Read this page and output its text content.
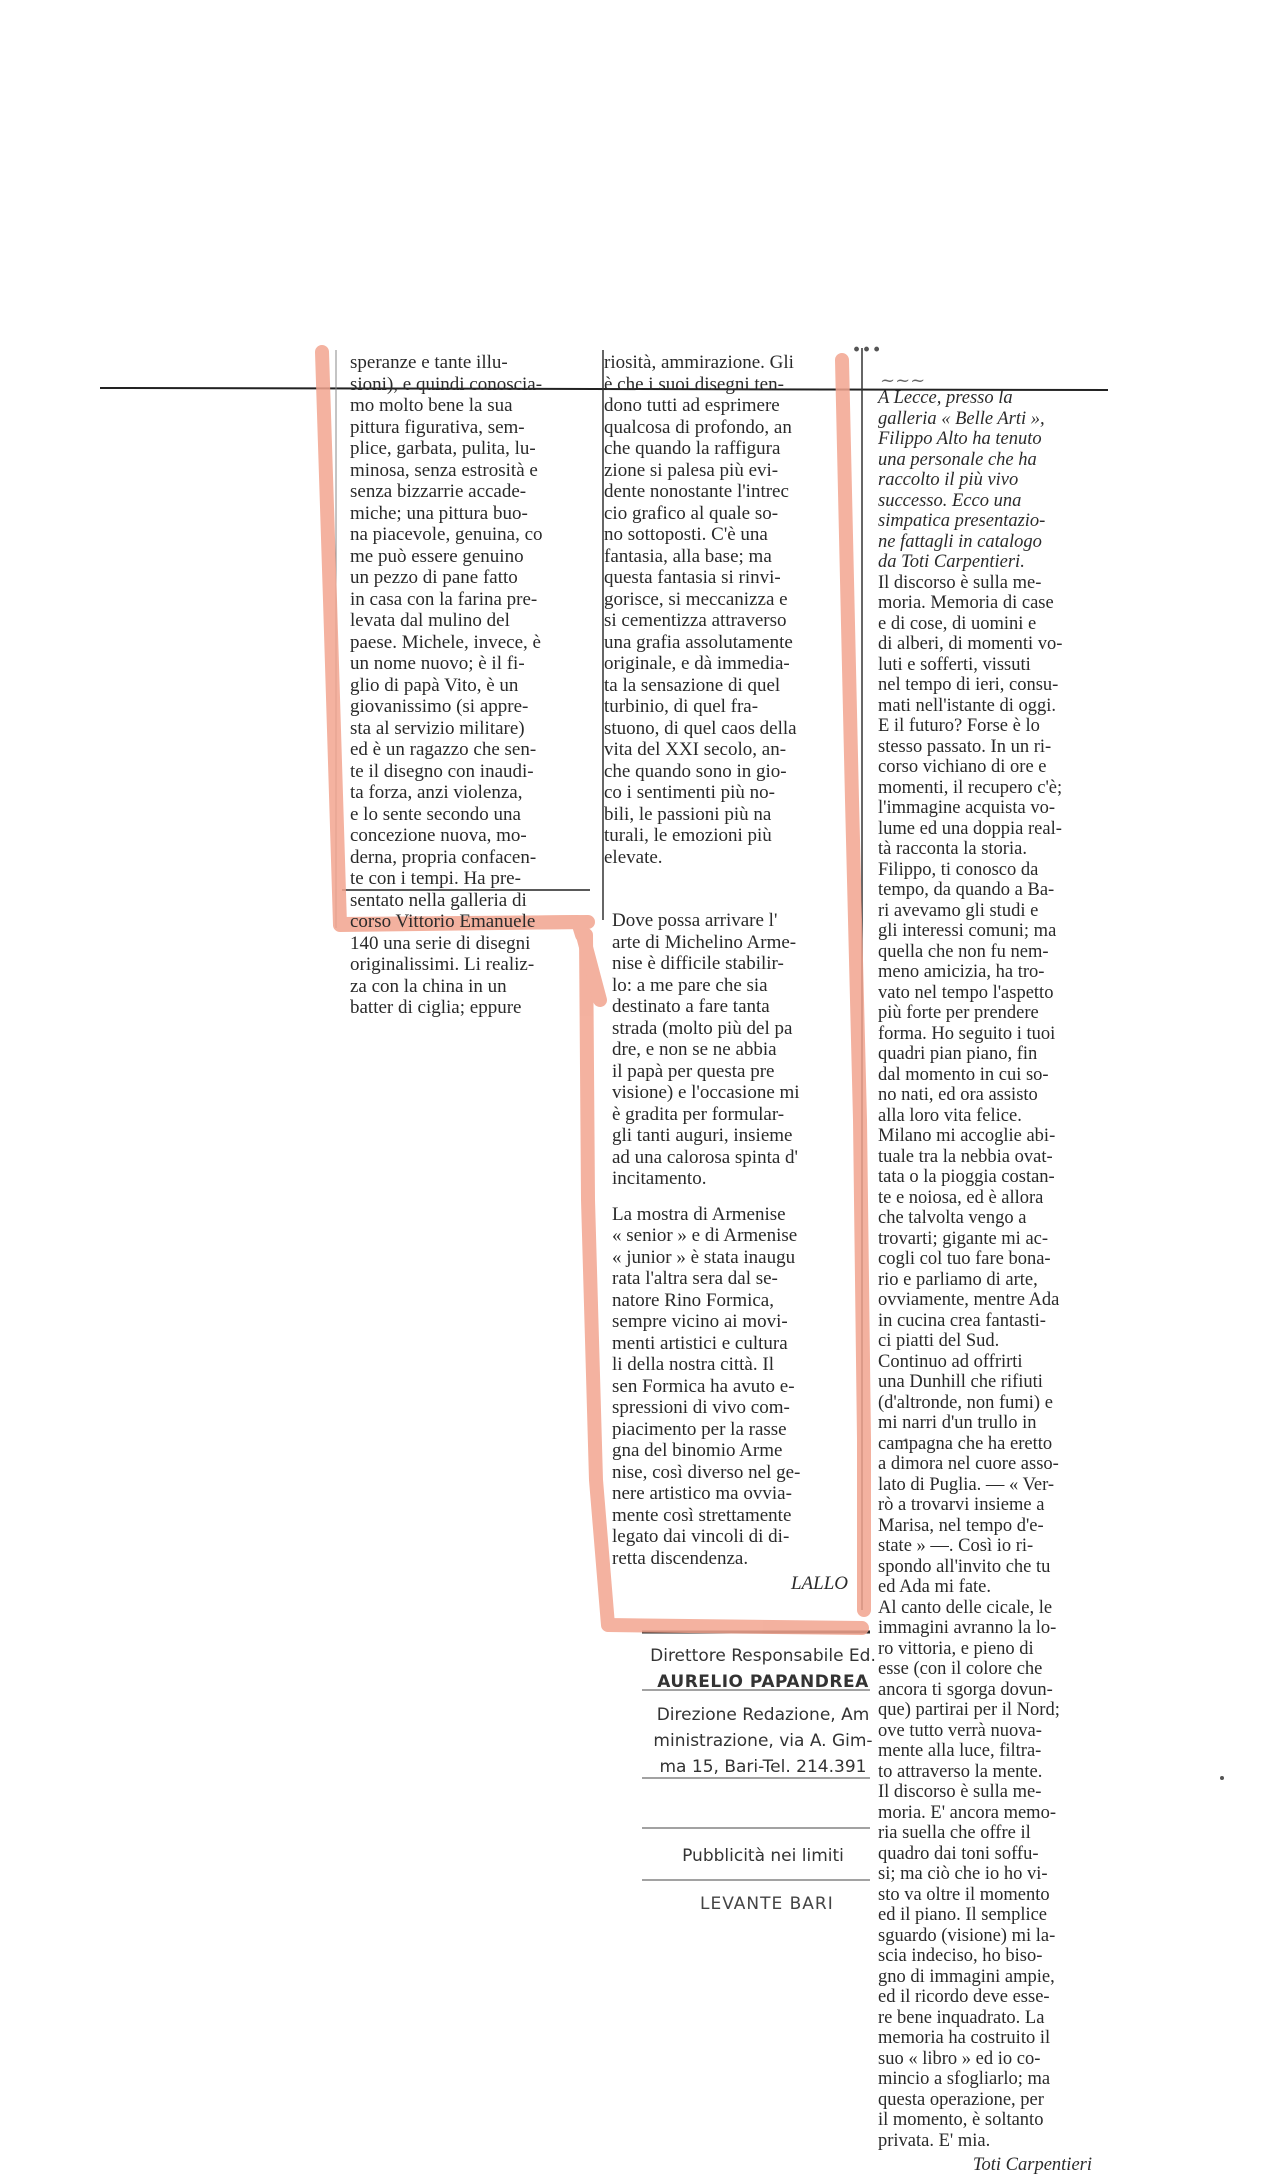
...
~~~
speranze e tante illu-
sioni), e quindi conoscia-
mo molto bene la sua
pittura figurativa, sem-
plice, garbata, pulita, lu-
minosa, senza estrosità e
senza bizzarrie accade-
miche; una pittura buo-
na piacevole, genuina, co
me può essere genuino
un pezzo di pane fatto
in casa con la farina pre-
levata dal mulino del
paese. Michele, invece, è
un nome nuovo; è il fi-
glio di papà Vito, è un
giovanissimo (si appre-
sta al servizio militare)
ed è un ragazzo che sen-
te il disegno con inaudi-
ta forza, anzi violenza,
e lo sente secondo una
concezione nuova, mo-
derna, propria confacen-
te con i tempi. Ha pre-
sentato nella galleria di
corso Vittorio Emanuele
140 una serie di disegni
originalissimi. Li realiz-
za con la china in un
batter di ciglia; eppure
riosità, ammirazione. Gli
è che i suoi disegni ten-
dono tutti ad esprimere
qualcosa di profondo, an
che quando la raffigura
zione si palesa più evi-
dente nonostante l'intrec
cio grafico al quale so-
no sottoposti. C'è una
fantasia, alla base; ma
questa fantasia si rinvi-
gorisce, si meccanizza e
si cementizza attraverso
una grafia assolutamente
originale, e dà immedia-
ta la sensazione di quel
turbinio, di quel fra-
stuono, di quel caos della
vita del XXI secolo, an-
che quando sono in gio-
co i sentimenti più no-
bili, le passioni più na
turali, le emozioni più
elevate.
Dove possa arrivare l'
arte di Michelino Arme-
nise è difficile stabilir-
lo: a me pare che sia
destinato a fare tanta
strada (molto più del pa
dre, e non se ne abbia
il papà per questa pre
visione) e l'occasione mi
è gradita per formular-
gli tanti auguri, insieme
ad una calorosa spinta d'
incitamento.
La mostra di Armenise
« senior » e di Armenise
« junior » è stata inaugu
rata l'altra sera dal se-
natore Rino Formica,
sempre vicino ai movi-
menti artistici e cultura
li della nostra città. Il
sen Formica ha avuto e-
spressioni di vivo com-
piacimento per la rasse
gna del binomio Arme
nise, così diverso nel ge-
nere artistico ma ovvia-
mente così strettamente
legato dai vincoli di di-
retta discendenza.
LALLO
A Lecce, presso la
galleria « Belle Arti »,
Filippo Alto ha tenuto
una personale che ha
raccolto il più vivo
successo. Ecco una
simpatica presentazio-
ne fattagli in catalogo
da Toti Carpentieri.
Il discorso è sulla me-
moria. Memoria di case
e di cose, di uomini e
di alberi, di momenti vo-
luti e sofferti, vissuti
nel tempo di ieri, consu-
mati nell'istante di oggi.
E il futuro? Forse è lo
stesso passato. In un ri-
corso vichiano di ore e
momenti, il recupero c'è;
l'immagine acquista vo-
lume ed una doppia real-
tà racconta la storia.
Filippo, ti conosco da
tempo, da quando a Ba-
ri avevamo gli studi e
gli interessi comuni; ma
quella che non fu nem-
meno amicizia, ha tro-
vato nel tempo l'aspetto
più forte per prendere
forma. Ho seguito i tuoi
quadri pian piano, fin
dal momento in cui so-
no nati, ed ora assisto
alla loro vita felice.
Milano mi accoglie abi-
tuale tra la nebbia ovat-
tata o la pioggia costan-
te e noiosa, ed è allora
che talvolta vengo a
trovarti; gigante mi ac-
cogli col tuo fare bona-
rio e parliamo di arte,
ovviamente, mentre Ada
in cucina crea fantasti-
ci piatti del Sud.
Continuo ad offrirti
una Dunhill che rifiuti
(d'altronde, non fumi) e
mi narri d'un trullo in
campagna che ha eretto
a dimora nel cuore asso-
lato di Puglia. — « Ver-
rò a trovarvi insieme a
Marisa, nel tempo d'e-
state » —. Così io ri-
spondo all'invito che tu
ed Ada mi fate.
Al canto delle cicale, le
immagini avranno la lo-
ro vittoria, e pieno di
esse (con il colore che
ancora ti sgorga dovun-
que) partirai per il Nord;
ove tutto verrà nuova-
mente alla luce, filtra-
to attraverso la mente.
Il discorso è sulla me-
moria. E' ancora memo-
ria suella che offre il
quadro dai toni soffu-
si; ma ciò che io ho vi-
sto va oltre il momento
ed il piano. Il semplice
sguardo (visione) mi la-
scia indeciso, ho biso-
gno di immagini ampie,
ed il ricordo deve esse-
re bene inquadrato. La
memoria ha costruito il
suo « libro » ed io co-
mincio a sfogliarlo; ma
questa operazione, per
il momento, è soltanto
privata. E' mia.
Toti Carpentieri
Direttore Responsabile Ed.
AURELIO PAPANDREA
Direzione Redazione, Am
ministrazione, via A. Gim-
ma 15, Bari-Tel. 214.391
Pubblicità nei limiti
LEVANTE BARI
